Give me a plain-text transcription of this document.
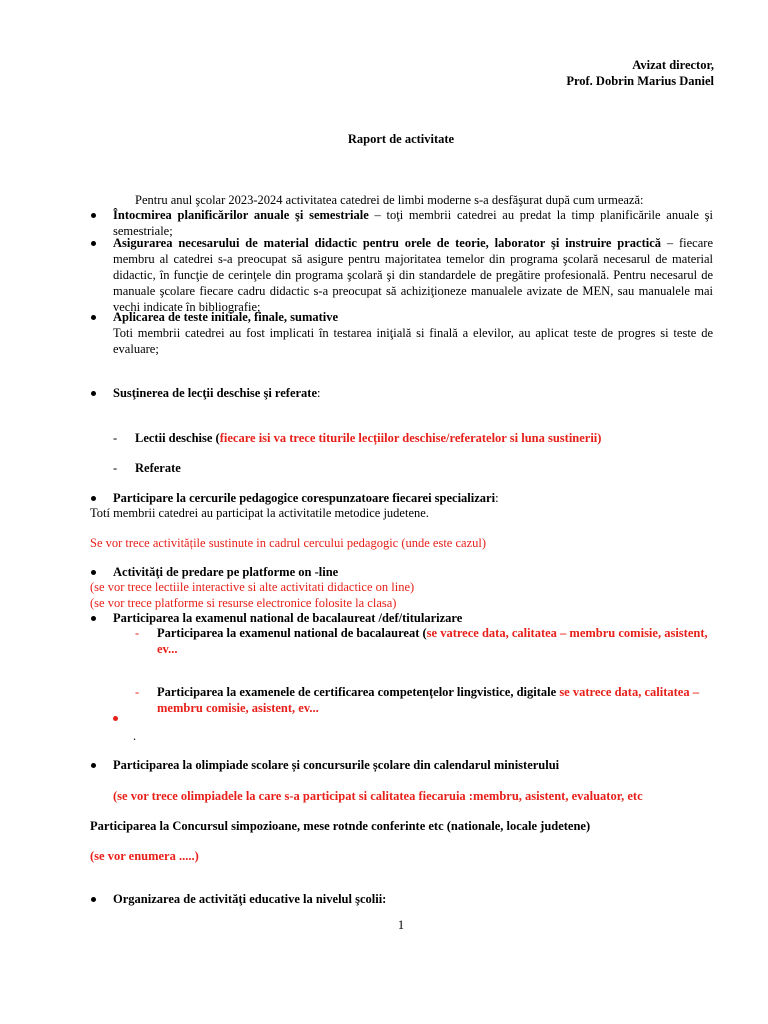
Avizat director,
Prof. Dobrin Marius Daniel
Raport de activitate
Pentru anul şcolar 2023-2024 activitatea catedrei de limbi moderne s-a desfăşurat după cum urmează:
Întocmirea planificărilor anuale şi semestriale – toţi membrii catedrei au predat la timp planificările anuale şi semestriale;
Asigurarea necesarului de material didactic pentru orele de teorie, laborator şi instruire practică – fiecare membru al catedrei s-a preocupat să asigure pentru majoritatea temelor din programa şcolară necesarul de material didactic, în funcţie de cerinţele din programa şcolară şi din standardele de pregătire profesională. Pentru necesarul de manuale şcolare fiecare cadru didactic s-a preocupat să achiziţioneze manualele avizate de MEN, sau manualele mai vechi indicate în bibliografie;
Aplicarea de teste initiale, finale, sumative
Toti membrii catedrei au fost implicati în testarea iniţială si finală a elevilor, au aplicat teste de progres si teste de evaluare;
Susţinerea de lecţii deschise şi referate:
- Lectii deschise (fiecare isi va trece titurile lecțiilor deschise/referatelor si luna sustinerii)
- Referate
Participare la cercurile pedagogice corespunzatoare fiecarei specializari:
Totí membrii catedrei au participat la activitatile metodice judetene.
Se vor trece activitățile sustinute in cadrul cercului pedagogic (unde este cazul)
Activităţi de predare pe platforme on -line
(se vor trece lectiile interactive si alte activitati didactice on line)
(se vor trece platforme si resurse electronice folosite la clasa)
Participarea la examenul national de bacalaureat /def/titularizare
- Participarea la examenul national de bacalaureat (se vatrece data, calitatea – membru comisie, asistent, ev...
- Participarea la examenele de certificarea competențelor lingvistice, digitale se vatrece data, calitatea – membru comisie, asistent, ev...
.
Participarea la olimpiade scolare și concursurile școlare din calendarul ministerului
(se vor trece olimpiadele la care s-a participat si calitatea fiecaruia :membru, asistent, evaluator, etc
Participarea la Concursul simpozioane, mese rotnde conferinte etc (nationale, locale judetene)
(se vor enumera .....)
Organizarea de activităţi educative la nivelul şcolii:
1
